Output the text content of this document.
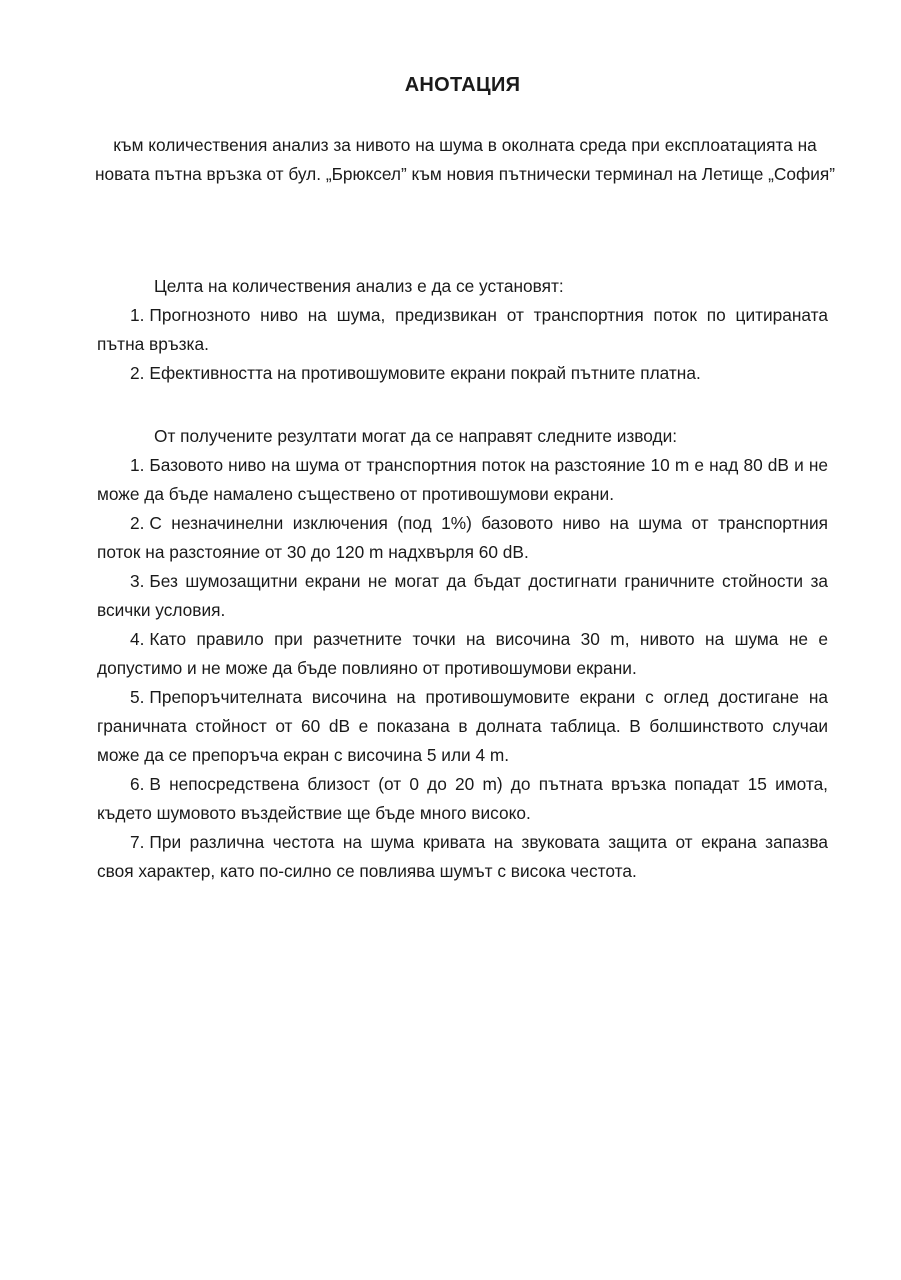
АНОТАЦИЯ

към количествения анализ за нивото на шума в околната среда при експлоатацията на новата пътна връзка от бул. „Брюксел” към новия пътнически терминал на Летище „София”

Целта на количествения анализ е да се установят:

1. Прогнозното ниво на шума, предизвикан от транспортния поток по цитираната пътна връзка.
2. Ефективността на противошумовите екрани покрай пътните платна.

От получените резултати могат да се направят следните изводи:

1. Базовото ниво на шума от транспортния поток на разстояние 10 m е над 80 dB и не може да бъде намалено съществено от противошумови екрани.
2. С незначинелни изключения (под 1%) базовото ниво на шума от транспортния поток на разстояние от 30 до 120 m надхвърля 60 dB.
3. Без шумозащитни екрани не могат да бъдат достигнати граничните стойности за всички условия.
4. Като правило при разчетните точки на височина 30 m, нивото на шума не е допустимо и не може да бъде повлияно от противошумови екрани.
5. Препоръчителната височина на противошумовите екрани с оглед достигане на граничната стойност от 60 dB е показана в долната таблица. В болшинството случаи може да се препоръча екран с височина 5 или 4 m.
6. В непосредствена близост (от 0 до 20 m) до пътната връзка попадат 15 имота, където шумовото въздействие ще бъде много високо.
7. При различна честота на шума кривата на звуковата защита от екрана запазва своя характер, като по-силно се повлиява шумът с висока честота.
